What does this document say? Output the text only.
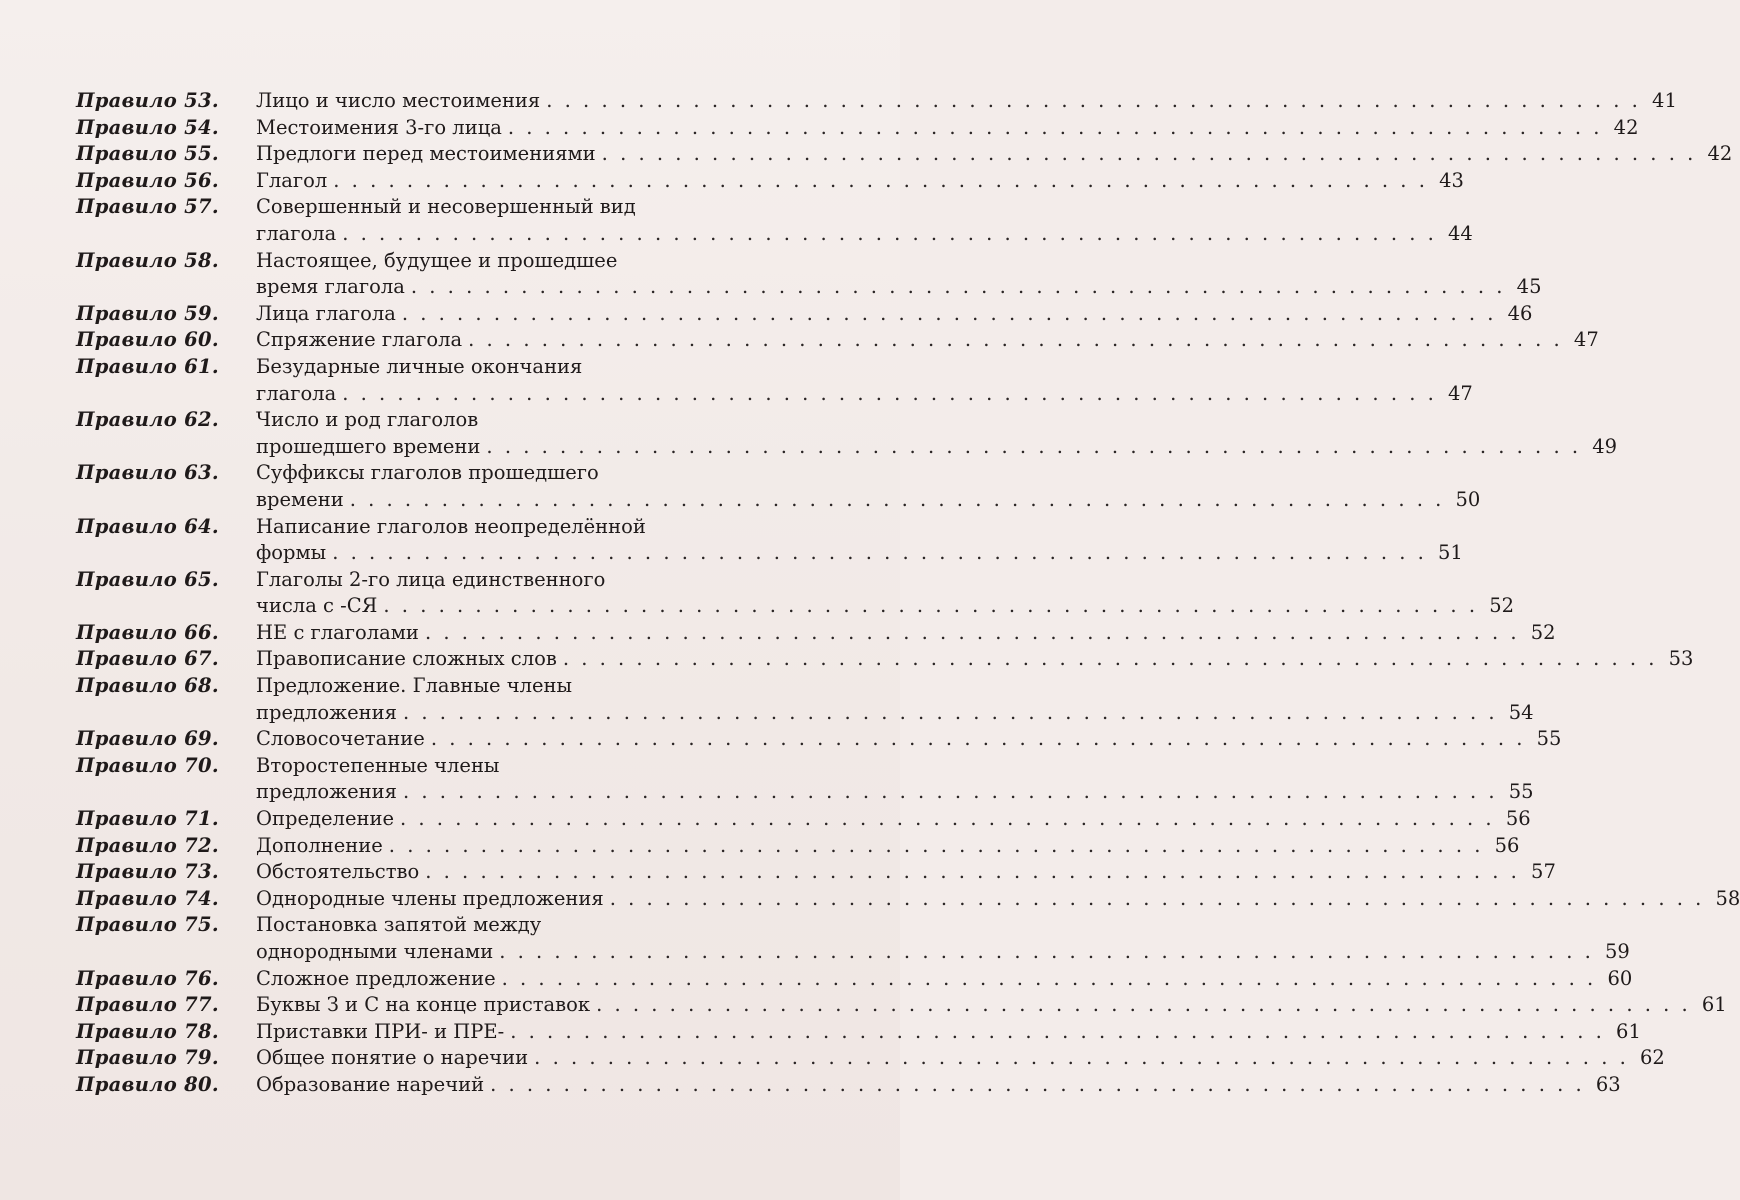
Правило 53.	Лицо и число местоимения . . . . . . . . . . . . . . . . . . . . . . . . . . . . . . . . . . . . . . . . . . . . . . . . . . . . . . . . . . . . 41
Правило 54.	Местоимения 3-го лица . . . . . . . . . . . . . . . . . . . . . . . . . . . . . . . . . . . . . . . . . . . . . . . . . . . . . . . . . . . . 42
Правило 55.	Предлоги перед местоимениями . . . . . . . . . . . . . . . . . . . . . . . . . . . . . . . . . . . . . . . . . . . . . . . . . . . . . . . . . . . . 42
Правило 56.	Глагол . . . . . . . . . . . . . . . . . . . . . . . . . . . . . . . . . . . . . . . . . . . . . . . . . . . . . . . . . . . . 43
Правило 57.	Совершенный и несовершенный вид
глагола . . . . . . . . . . . . . . . . . . . . . . . . . . . . . . . . . . . . . . . . . . . . . . . . . . . . . . . . . . . . 44
Правило 58.	Настоящее, будущее и прошедшее
время глагола . . . . . . . . . . . . . . . . . . . . . . . . . . . . . . . . . . . . . . . . . . . . . . . . . . . . . . . . . . . . 45
Правило 59.	Лица глагола . . . . . . . . . . . . . . . . . . . . . . . . . . . . . . . . . . . . . . . . . . . . . . . . . . . . . . . . . . . . 46
Правило 60.	Спряжение глагола . . . . . . . . . . . . . . . . . . . . . . . . . . . . . . . . . . . . . . . . . . . . . . . . . . . . . . . . . . . . 47
Правило 61.	Безударные личные окончания
глагола . . . . . . . . . . . . . . . . . . . . . . . . . . . . . . . . . . . . . . . . . . . . . . . . . . . . . . . . . . . . 47
Правило 62.	Число и род глаголов
прошедшего времени . . . . . . . . . . . . . . . . . . . . . . . . . . . . . . . . . . . . . . . . . . . . . . . . . . . . . . . . . . . . 49
Правило 63.	Суффиксы глаголов прошедшего
времени . . . . . . . . . . . . . . . . . . . . . . . . . . . . . . . . . . . . . . . . . . . . . . . . . . . . . . . . . . . . 50
Правило 64.	Написание глаголов неопределённой
формы . . . . . . . . . . . . . . . . . . . . . . . . . . . . . . . . . . . . . . . . . . . . . . . . . . . . . . . . . . . . 51
Правило 65.	Глаголы 2-го лица единственного
числа с -СЯ . . . . . . . . . . . . . . . . . . . . . . . . . . . . . . . . . . . . . . . . . . . . . . . . . . . . . . . . . . . . 52
Правило 66.	НЕ с глаголами . . . . . . . . . . . . . . . . . . . . . . . . . . . . . . . . . . . . . . . . . . . . . . . . . . . . . . . . . . . . 52
Правило 67.	Правописание сложных слов . . . . . . . . . . . . . . . . . . . . . . . . . . . . . . . . . . . . . . . . . . . . . . . . . . . . . . . . . . . . 53
Правило 68.	Предложение. Главные члены
предложения . . . . . . . . . . . . . . . . . . . . . . . . . . . . . . . . . . . . . . . . . . . . . . . . . . . . . . . . . . . . 54
Правило 69.	Словосочетание . . . . . . . . . . . . . . . . . . . . . . . . . . . . . . . . . . . . . . . . . . . . . . . . . . . . . . . . . . . . 55
Правило 70.	Второстепенные члены
предложения . . . . . . . . . . . . . . . . . . . . . . . . . . . . . . . . . . . . . . . . . . . . . . . . . . . . . . . . . . . . 55
Правило 71.	Определение . . . . . . . . . . . . . . . . . . . . . . . . . . . . . . . . . . . . . . . . . . . . . . . . . . . . . . . . . . . . 56
Правило 72.	Дополнение . . . . . . . . . . . . . . . . . . . . . . . . . . . . . . . . . . . . . . . . . . . . . . . . . . . . . . . . . . . . 56
Правило 73.	Обстоятельство . . . . . . . . . . . . . . . . . . . . . . . . . . . . . . . . . . . . . . . . . . . . . . . . . . . . . . . . . . . . 57
Правило 74.	Однородные члены предложения . . . . . . . . . . . . . . . . . . . . . . . . . . . . . . . . . . . . . . . . . . . . . . . . . . . . . . . . . . . . 58
Правило 75.	Постановка запятой между
однородными членами . . . . . . . . . . . . . . . . . . . . . . . . . . . . . . . . . . . . . . . . . . . . . . . . . . . . . . . . . . . . 59
Правило 76.	Сложное предложение . . . . . . . . . . . . . . . . . . . . . . . . . . . . . . . . . . . . . . . . . . . . . . . . . . . . . . . . . . . . 60
Правило 77.	Буквы З и С на конце приставок . . . . . . . . . . . . . . . . . . . . . . . . . . . . . . . . . . . . . . . . . . . . . . . . . . . . . . . . . . . . 61
Правило 78.	Приставки ПРИ- и ПРЕ- . . . . . . . . . . . . . . . . . . . . . . . . . . . . . . . . . . . . . . . . . . . . . . . . . . . . . . . . . . . . 61
Правило 79.	Общее понятие о наречии . . . . . . . . . . . . . . . . . . . . . . . . . . . . . . . . . . . . . . . . . . . . . . . . . . . . . . . . . . . . 62
Правило 80.	Образование наречий . . . . . . . . . . . . . . . . . . . . . . . . . . . . . . . . . . . . . . . . . . . . . . . . . . . . . . . . . . . . 63
